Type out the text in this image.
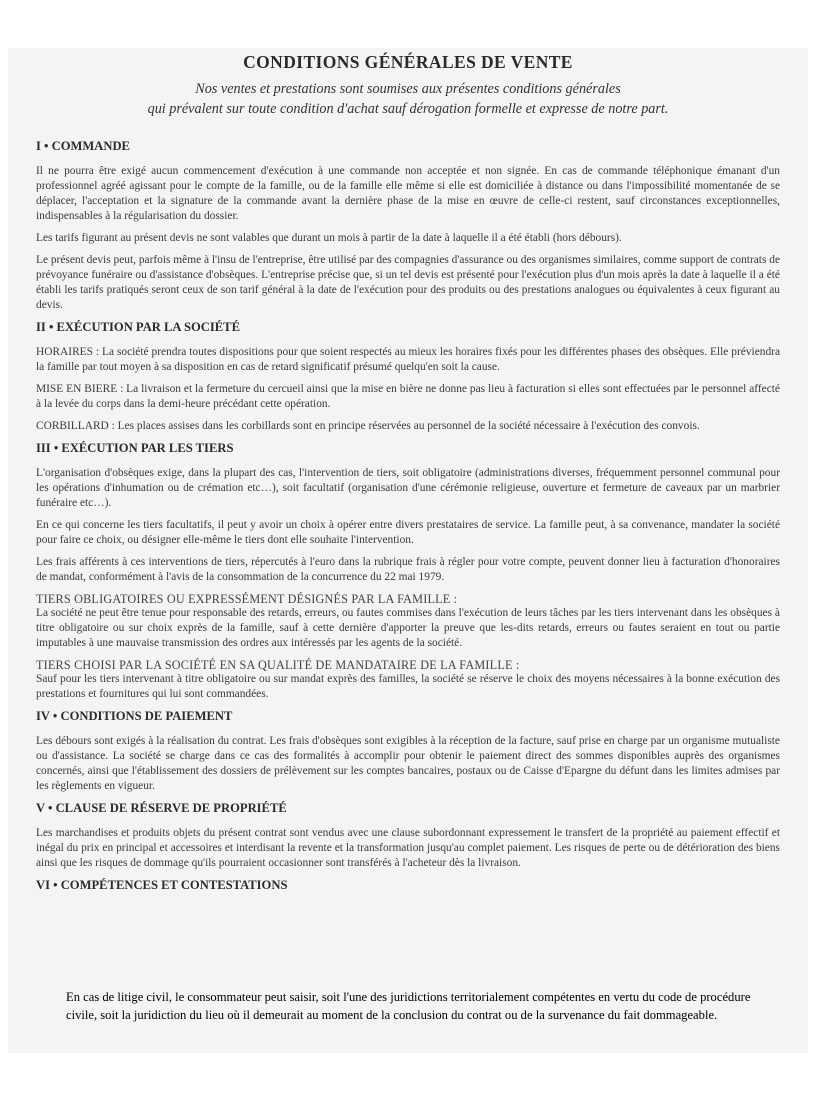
CONDITIONS GÉNÉRALES DE VENTE
Nos ventes et prestations sont soumises aux présentes conditions générales
qui prévalent sur toute condition d'achat sauf dérogation formelle et expresse de notre part.
I • COMMANDE

Il ne pourra être exigé aucun commencement d'exécution à une commande non acceptée et non signée. En cas de commande téléphonique émanant d'un professionnel agréé agissant pour le compte de la famille, ou de la famille elle même si elle est domiciliée à distance ou dans l'impossibilité momentanée de se déplacer, l'acceptation et la signature de la commande avant la dernière phase de la mise en œuvre de celle-ci restent, sauf circonstances exceptionnelles, indispensables à la régularisation du dossier.

Les tarifs figurant au présent devis ne sont valables que durant un mois à partir de la date à laquelle il a été établi (hors débours).

Le présent devis peut, parfois même à l'insu de l'entreprise, être utilisé par des compagnies d'assurance ou des organismes similaires, comme support de contrats de prévoyance funéraire ou d'assistance d'obsèques. L'entreprise précise que, si un tel devis est présenté pour l'exécution plus d'un mois après la date à laquelle il a été établi les tarifs pratiqués seront ceux de son tarif général à la date de l'exécution pour des produits ou des prestations analogues ou équivalentes à ceux figurant au devis.

II • EXÉCUTION PAR LA SOCIÉTÉ

HORAIRES : La société prendra toutes dispositions pour que soient respectés au mieux les horaires fixés pour les différentes phases des obsèques. Elle préviendra la famille par tout moyen à sa disposition en cas de retard significatif présumé quelqu'en soit la cause.

MISE EN BIERE : La livraison et la fermeture du cercueil ainsi que la mise en bière ne donne pas lieu à facturation si elles sont effectuées par le personnel affecté à la levée du corps dans la demi-heure précédant cette opération.

CORBILLARD : Les places assises dans les corbillards sont en principe réservées au personnel de la société nécessaire à l'exécution des convois.

III • EXÉCUTION PAR LES TIERS

L'organisation d'obsèques exige, dans la plupart des cas, l'intervention de tiers, soit obligatoire (administrations diverses, fréquemment personnel communal pour les opérations d'inhumation ou de crémation etc…), soit facultatif (organisation d'une cérémonie religieuse, ouverture et fermeture de caveaux par un marbrier funéraire etc…).

En ce qui concerne les tiers facultatifs, il peut y avoir un choix à opérer entre divers prestataires de service. La famille peut, à sa convenance, mandater la société pour faire ce choix, ou désigner elle-même le tiers dont elle souhaite l'intervention.

Les frais afférents à ces interventions de tiers, répercutés à l'euro dans la rubrique frais à régler pour votre compte, peuvent donner lieu à facturation d'honoraires de mandat, conformément à l'avis de la consommation de la concurrence du 22 mai 1979.

TIERS OBLIGATOIRES OU EXPRESSÉMENT DÉSIGNÉS PAR LA FAMILLE :

La société ne peut être tenue pour responsable des retards, erreurs, ou fautes commises dans l'exécution de leurs tâches par les tiers intervenant dans les obsèques à titre obligatoire ou sur choix exprès de la famille, sauf à cette dernière d'apporter la preuve que les-dits retards, erreurs ou fautes seraient en tout ou partie imputables à une mauvaise transmission des ordres aux intéressés par les agents de la société.

TIERS CHOISI PAR LA SOCIÉTÉ EN SA QUALITÉ DE MANDATAIRE DE LA FAMILLE :

Sauf pour les tiers intervenant à titre obligatoire ou sur mandat exprès des familles, la société se réserve le choix des moyens nécessaires à la bonne exécution des prestations et fournitures qui lui sont commandées.

IV • CONDITIONS DE PAIEMENT

Les débours sont exigés à la réalisation du contrat. Les frais d'obsèques sont exigibles à la réception de la facture, sauf prise en charge par un organisme mutualiste ou d'assistance. La société se charge dans ce cas des formalités à accomplir pour obtenir le paiement direct des sommes disponibles auprès des organismes concernés, ainsi que l'établissement des dossiers de prélèvement sur les comptes bancaires, postaux ou de Caisse d'Epargne du défunt dans les limites admises par les règlements en vigueur.

V • CLAUSE DE RÉSERVE DE PROPRIÉTÉ

Les marchandises et produits objets du présent contrat sont vendus avec une clause subordonnant expressement le transfert de la propriété au paiement effectif et inégal du prix en principal et accessoires et interdisant la revente et la transformation jusqu'au complet paiement. Les risques de perte ou de détérioration des biens ainsi que les risques de dommage qu'ils pourraient occasionner sont transférés à l'acheteur dès la livraison.

VI • COMPÉTENCES ET CONTESTATIONS
En cas de litige civil, le consommateur peut saisir, soit l'une des juridictions territorialement compétentes en vertu du code de procédure civile, soit la juridiction du lieu où il demeurait au moment de la conclusion du contrat ou de la survenance du fait dommageable.
